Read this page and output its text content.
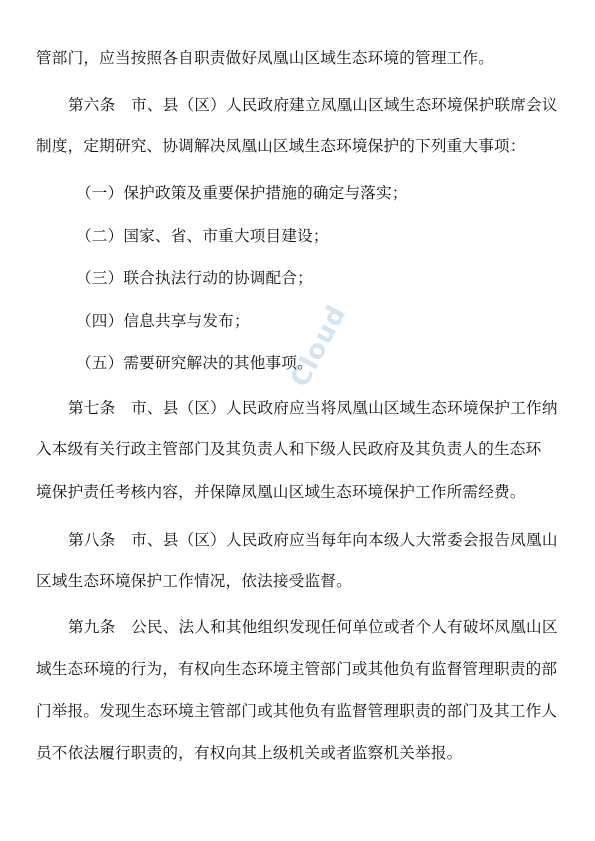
管部门，应当按照各自职责做好凤凰山区域生态环境的管理工作。
第六条　市、县（区）人民政府建立凤凰山区域生态环境保护联席会议
制度，定期研究、协调解决凤凰山区域生态环境保护的下列重大事项：
（一）保护政策及重要保护措施的确定与落实；
（二）国家、省、市重大项目建设；
（三）联合执法行动的协调配合；
（四）信息共享与发布；
（五）需要研究解决的其他事项。
第七条　市、县（区）人民政府应当将凤凰山区域生态环境保护工作纳
入本级有关行政主管部门及其负责人和下级人民政府及其负责人的生态环
境保护责任考核内容，并保障凤凰山区域生态环境保护工作所需经费。
第八条　市、县（区）人民政府应当每年向本级人大常委会报告凤凰山
区域生态环境保护工作情况，依法接受监督。
第九条　公民、法人和其他组织发现任何单位或者个人有破坏凤凰山区
域生态环境的行为，有权向生态环境主管部门或其他负有监督管理职责的部
门举报。发现生态环境主管部门或其他负有监督管理职责的部门及其工作人
员不依法履行职责的，有权向其上级机关或者监察机关举报。
Cloud
